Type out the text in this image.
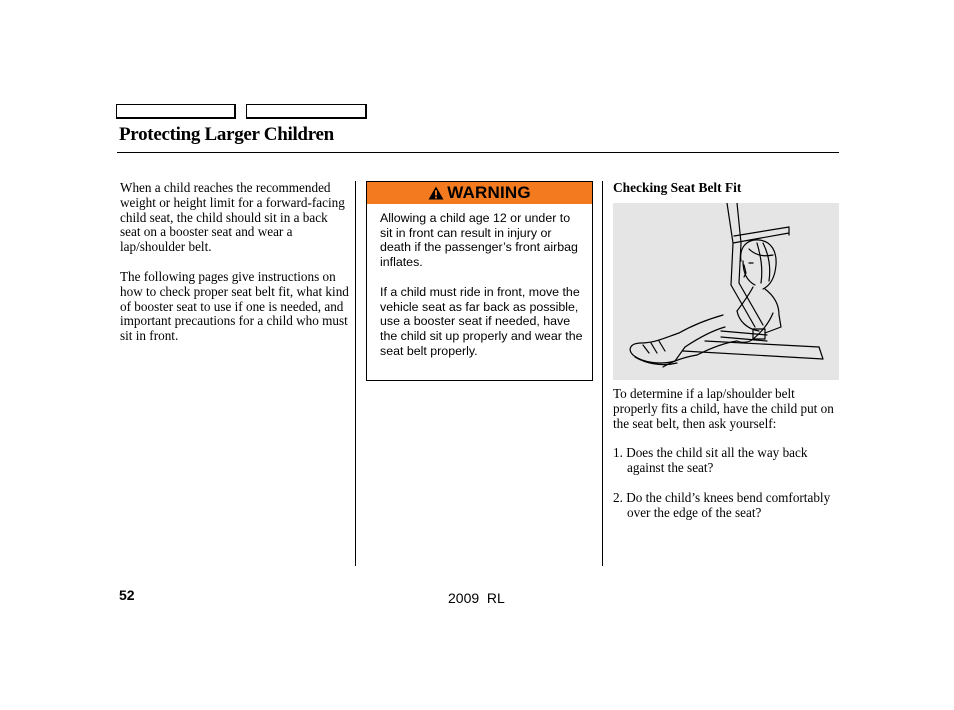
Protecting Larger Children

When a child reaches the recommended weight or height limit for a forward-facing child seat, the child should sit in a back seat on a booster seat and wear a lap/shoulder belt.

The following pages give instructions on how to check proper seat belt fit, what kind of booster seat to use if one is needed, and important precautions for a child who must sit in front.

WARNING

Allowing a child age 12 or under to sit in front can result in injury or death if the passenger’s front airbag inflates.

If a child must ride in front, move the vehicle seat as far back as possible, use a booster seat if needed, have the child sit up properly and wear the seat belt properly.

Checking Seat Belt Fit

To determine if a lap/shoulder belt properly fits a child, have the child put on the seat belt, then ask yourself:

1. Does the child sit all the way back against the seat?

2. Do the child’s knees bend comfortably over the edge of the seat?

52	2009  RL
